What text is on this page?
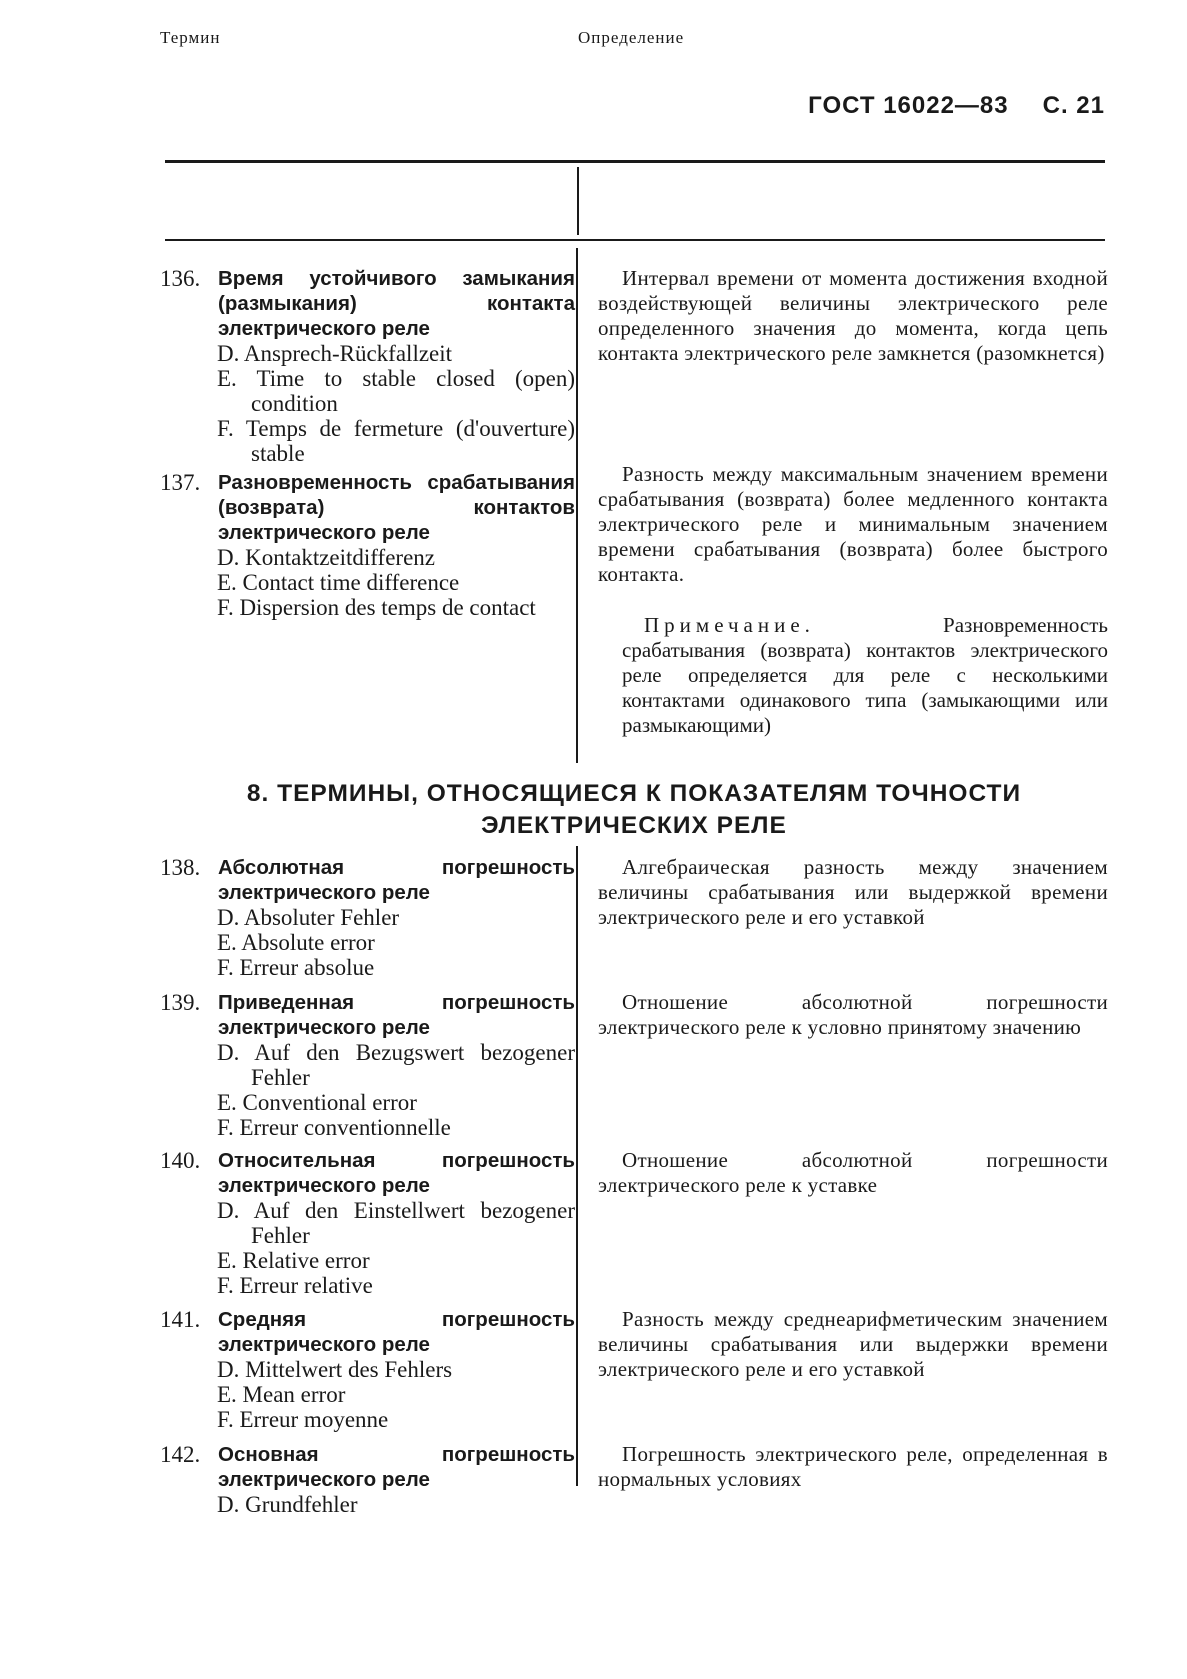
ГОСТ 16022—83 С. 21
Термин	Определение
136. Время устойчивого замыкания (размыкания) контакта электрического реле
D. Ansprech-Rückfallzeit
E. Time to stable closed (open) condition
F. Temps de fermeture (d'ouverture) stable
Интервал времени от момента достижения входной воздействующей величины электрического реле определенного значения до момента, когда цепь контакта электрического реле замкнется (разомкнется)
137. Разновременность срабатывания (возврата) контактов электрического реле
D. Kontaktzeitdifferenz
E. Contact time difference
F. Dispersion des temps de contact
Разность между максимальным значением времени срабатывания (возврата) более медленного контакта электрического реле и минимальным значением времени срабатывания (возврата) более быстрого контакта.
Примечание.	Разновременность срабатывания (возврата) контактов электрического реле определяется для реле с несколькими контактами одинакового типа (замыкающими или размыкающими)
8. ТЕРМИНЫ, ОТНОСЯЩИЕСЯ К ПОКАЗАТЕЛЯМ ТОЧНОСТИ
ЭЛЕКТРИЧЕСКИХ РЕЛЕ
138. Абсолютная погрешность электрического реле
D. Absoluter Fehler
E. Absolute error
F. Erreur absolue
Алгебраическая разность между значением величины срабатывания или выдержкой времени электрического реле и его уставкой
139. Приведенная погрешность электрического реле
D. Auf den Bezugswert bezogener Fehler
E. Conventional error
F. Erreur conventionnelle
Отношение абсолютной погрешности электрического реле к условно принятому значению
140. Относительная погрешность электрического реле
D. Auf den Einstellwert bezogener Fehler
E. Relative error
F. Erreur relative
Отношение абсолютной погрешности электрического реле к уставке
141. Средняя погрешность электрического реле
D. Mittelwert des Fehlers
E. Mean error
F. Erreur moyenne
Разность между среднеарифметическим значением величины срабатывания или выдержки времени электрического реле и его уставкой
142. Основная погрешность электрического реле
D. Grundfehler
Погрешность электрического реле, определенная в нормальных условиях
